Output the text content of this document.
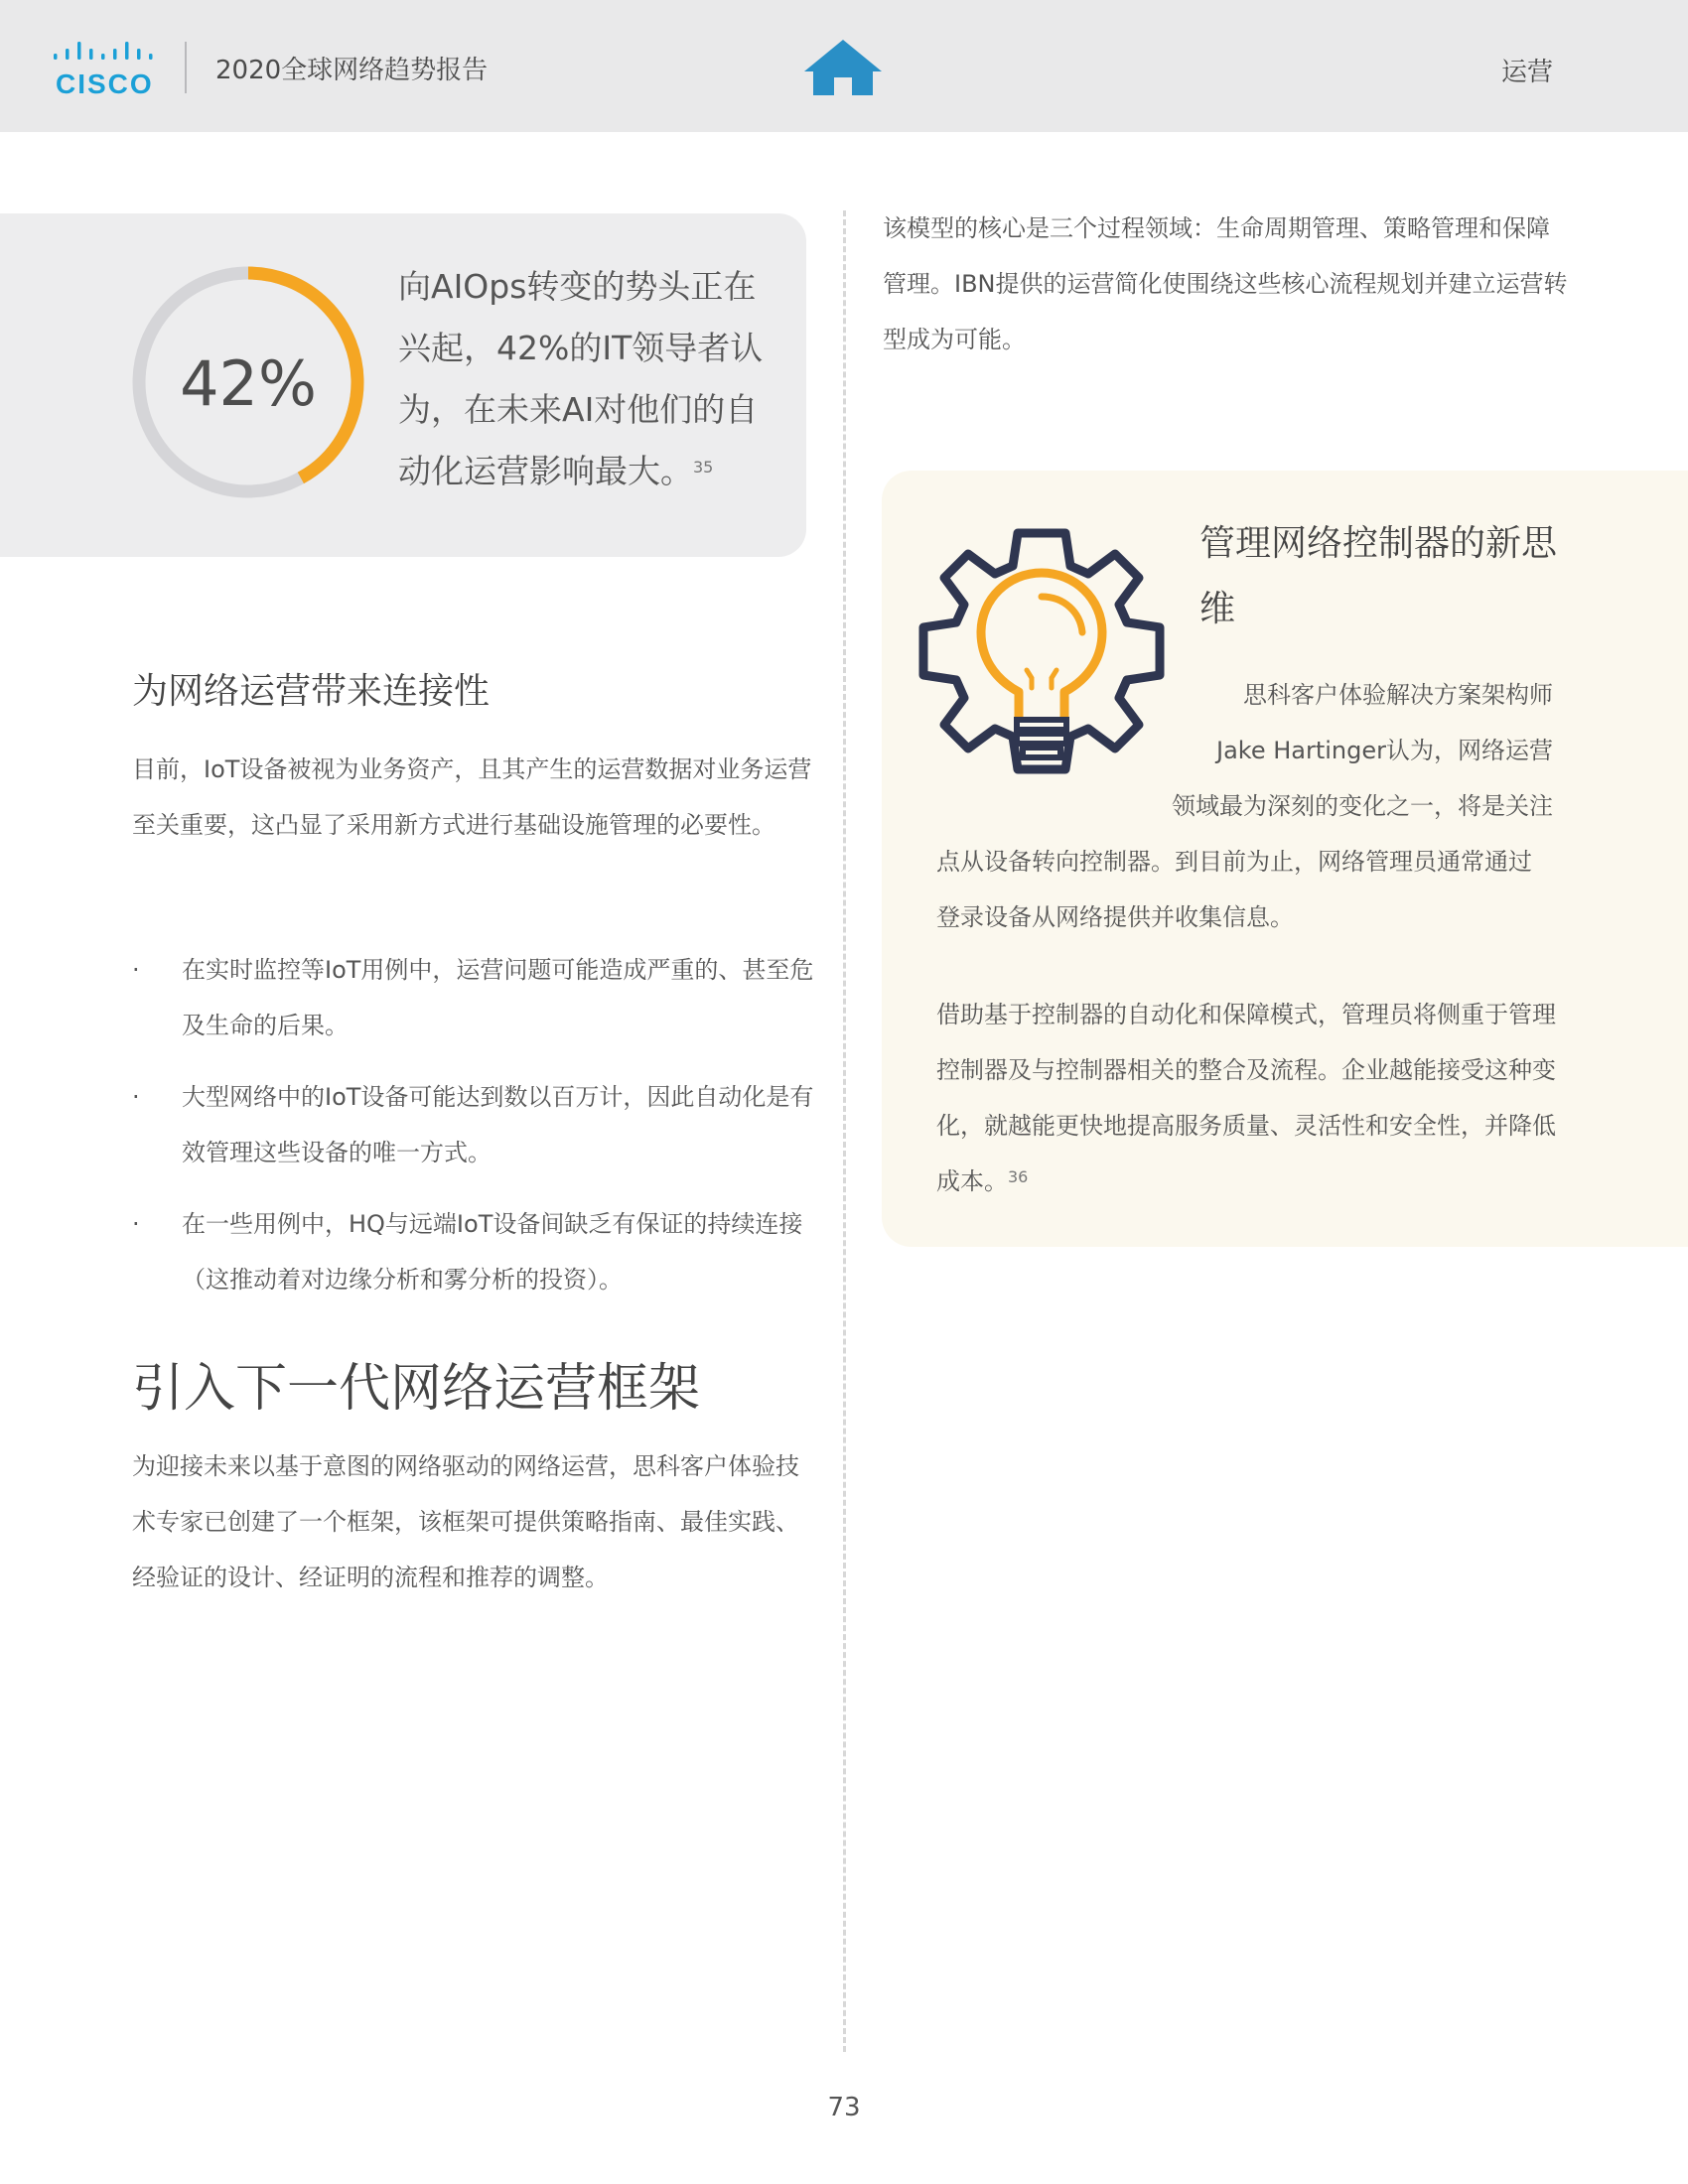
CISCO 2020全球网络趋势报告	运营
42%
向AIOps转变的势头正在兴起，42%的IT领导者认为，在未来AI对他们的自动化运营影响最大。$^{35}$
为网络运营带来连接性
目前，IoT设备被视为业务资产，且其产生的运营数据对业务运营至关重要，这凸显了采用新方式进行基础设施管理的必要性。
·	在实时监控等IoT用例中，运营问题可能造成严重的、甚至危及生命的后果。
·	大型网络中的IoT设备可能达到数以百万计，因此自动化是有效管理这些设备的唯一方式。
·	在一些用例中，HQ与远端IoT设备间缺乏有保证的持续连接（这推动着对边缘分析和雾分析的投资）。
引入下一代网络运营框架
为迎接未来以基于意图的网络驱动的网络运营，思科客户体验技术专家已创建了一个框架，该框架可提供策略指南、最佳实践、经验证的设计、经证明的流程和推荐的调整。
该模型的核心是三个过程领域：生命周期管理、策略管理和保障管理。IBN提供的运营简化使围绕这些核心流程规划并建立运营转型成为可能。
管理网络控制器的新思维
思科客户体验解决方案架构师
Jake Hartinger认为，网络运营
领域最为深刻的变化之一，将是关注
点从设备转向控制器。到目前为止，网络管理员通常通过
登录设备从网络提供并收集信息。
借助基于控制器的自动化和保障模式，管理员将侧重于管理控制器及与控制器相关的整合及流程。企业越能接受这种变化，就越能更快地提高服务质量、灵活性和安全性，并降低成本。$^{36}$
73
